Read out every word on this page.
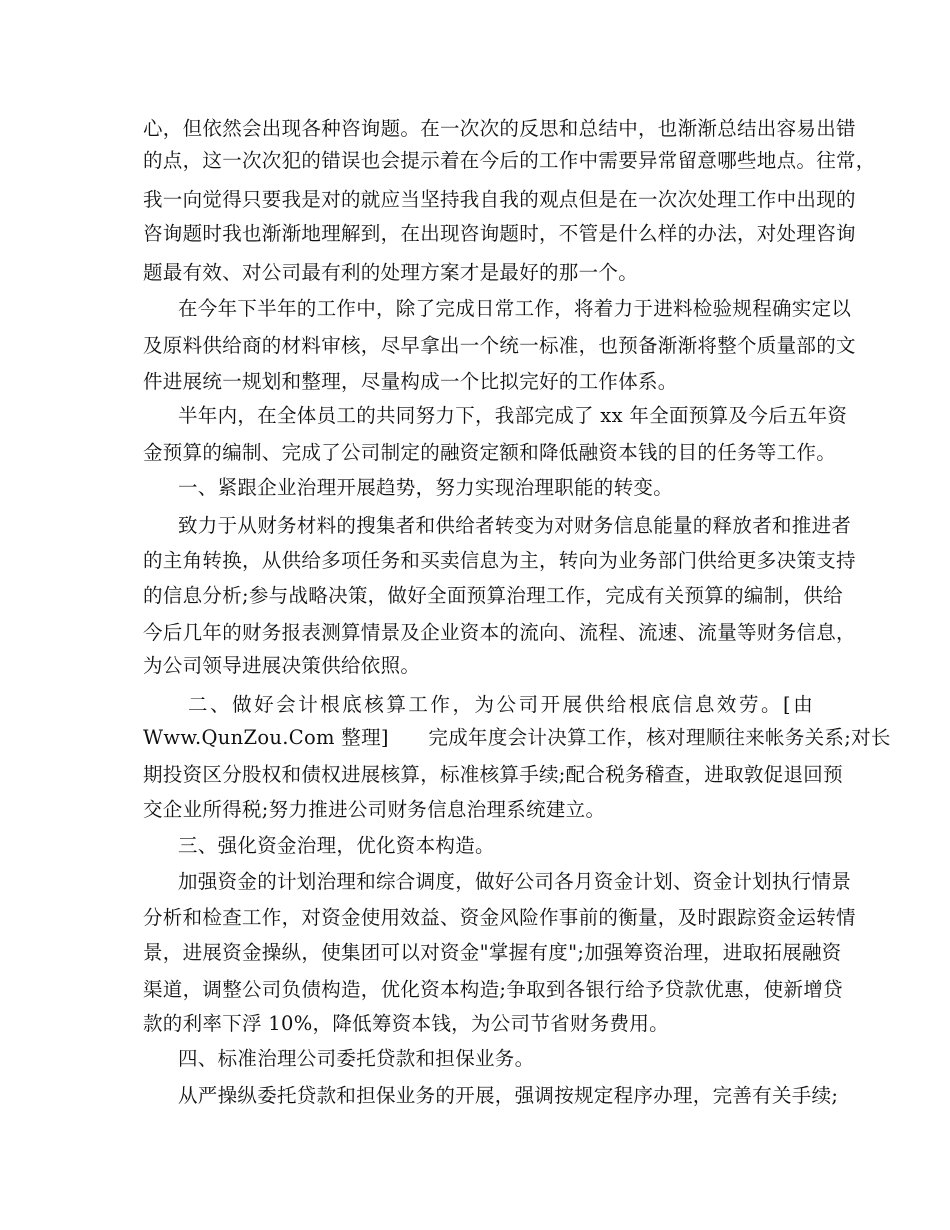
心，但依然会出现各种咨询题。在一次次的反思和总结中，也渐渐总结出容易出错
的点，这一次次犯的错误也会提示着在今后的工作中需要异常留意哪些地点。往常，
我一向觉得只要我是对的就应当坚持我自我的观点但是在一次次处理工作中出现的
咨询题时我也渐渐地理解到，在出现咨询题时，不管是什么样的办法，对处理咨询
题最有效、对公司最有利的处理方案才是最好的那一个。
在今年下半年的工作中，除了完成日常工作，将着力于进料检验规程确实定以
及原料供给商的材料审核，尽早拿出一个统一标准，也预备渐渐将整个质量部的文
件进展统一规划和整理，尽量构成一个比拟完好的工作体系。
半年内，在全体员工的共同努力下，我部完成了 xx 年全面预算及今后五年资
金预算的编制、完成了公司制定的融资定额和降低融资本钱的目的任务等工作。
一、紧跟企业治理开展趋势，努力实现治理职能的转变。
致力于从财务材料的搜集者和供给者转变为对财务信息能量的释放者和推进者
的主角转换，从供给多项任务和买卖信息为主，转向为业务部门供给更多决策支持
的信息分析;参与战略决策，做好全面预算治理工作，完成有关预算的编制，供给
今后几年的财务报表测算情景及企业资本的流向、流程、流速、流量等财务信息，
为公司领导进展决策供给依照。
二、做好会计根底核算工作，为公司开展供给根底信息效劳。[由
Www.QunZou.Com 整理]　　完成年度会计决算工作，核对理顺往来帐务关系;对长
期投资区分股权和债权进展核算，标准核算手续;配合税务稽查，进取敦促退回预
交企业所得税;努力推进公司财务信息治理系统建立。
三、强化资金治理，优化资本构造。
加强资金的计划治理和综合调度，做好公司各月资金计划、资金计划执行情景
分析和检查工作，对资金使用效益、资金风险作事前的衡量，及时跟踪资金运转情
景，进展资金操纵，使集团可以对资金"掌握有度";加强筹资治理，进取拓展融资
渠道，调整公司负债构造，优化资本构造;争取到各银行给予贷款优惠，使新增贷
款的利率下浮 10%，降低筹资本钱，为公司节省财务费用。
四、标准治理公司委托贷款和担保业务。
从严操纵委托贷款和担保业务的开展，强调按规定程序办理，完善有关手续;
